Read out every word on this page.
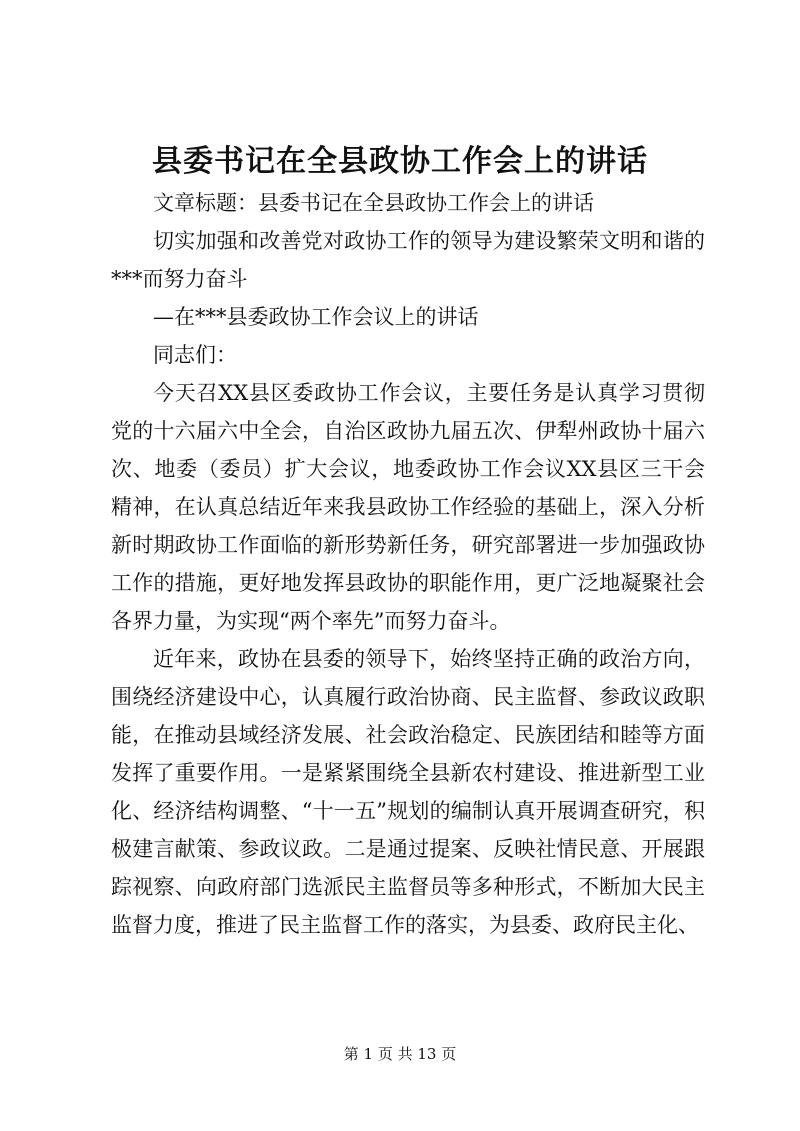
县委书记在全县政协工作会上的讲话

文章标题：县委书记在全县政协工作会上的讲话

切实加强和改善党对政协工作的领导为建设繁荣文明和谐的***而努力奋斗

—在***县委政协工作会议上的讲话

同志们：

今天召XX县区委政协工作会议，主要任务是认真学习贯彻党的十六届六中全会，自治区政协九届五次、伊犁州政协十届六次、地委（委员）扩大会议，地委政协工作会议XX县区三干会精神，在认真总结近年来我县政协工作经验的基础上，深入分析新时期政协工作面临的新形势新任务，研究部署进一步加强政协工作的措施，更好地发挥县政协的职能作用，更广泛地凝聚社会各界力量，为实现“两个率先”而努力奋斗。

近年来，政协在县委的领导下，始终坚持正确的政治方向，围绕经济建设中心，认真履行政治协商、民主监督、参政议政职能，在推动县域经济发展、社会政治稳定、民族团结和睦等方面发挥了重要作用。一是紧紧围绕全县新农村建设、推进新型工业化、经济结构调整、“十一五”规划的编制认真开展调查研究，积极建言献策、参政议政。二是通过提案、反映社情民意、开展跟踪视察、向政府部门选派民主监督员等多种形式，不断加大民主监督力度，推进了民主监督工作的落实，为县委、政府民主化、

第 1 页 共 13 页
